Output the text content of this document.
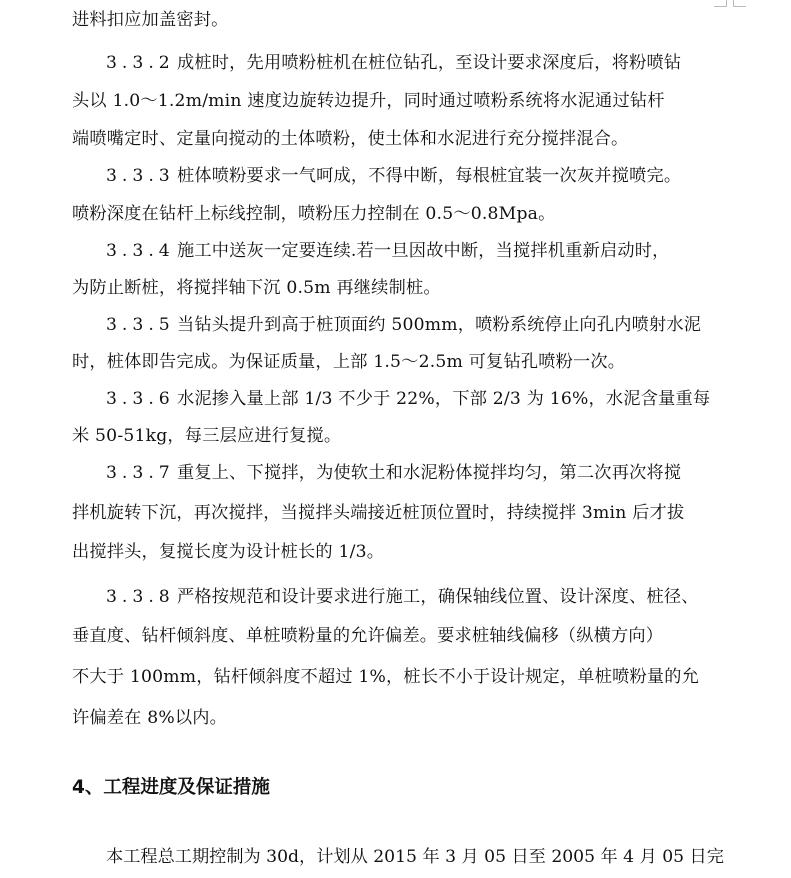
进料扣应加盖密封。
3.3.2 成桩时，先用喷粉桩机在桩位钻孔，至设计要求深度后，将粉喷钻
头以 1.0～1.2m/min 速度边旋转边提升，同时通过喷粉系统将水泥通过钻杆
端喷嘴定时、定量向搅动的土体喷粉，使土体和水泥进行充分搅拌混合。
3.3.3 桩体喷粉要求一气呵成，不得中断，每根桩宜装一次灰并搅喷完。
喷粉深度在钻杆上标线控制，喷粉压力控制在 0.5～0.8Mpa。
3.3.4 施工中送灰一定要连续.若一旦因故中断，当搅拌机重新启动时，
为防止断桩，将搅拌轴下沉 0.5m 再继续制桩。
3.3.5 当钻头提升到高于桩顶面约 500mm，喷粉系统停止向孔内喷射水泥
时，桩体即告完成。为保证质量，上部 1.5～2.5m 可复钻孔喷粉一次。
3.3.6 水泥掺入量上部 1/3 不少于 22%，下部 2/3 为 16%，水泥含量重每
米 50-51kg，每三层应进行复搅。
3.3.7 重复上、下搅拌，为使软土和水泥粉体搅拌均匀，第二次再次将搅
拌机旋转下沉，再次搅拌，当搅拌头端接近桩顶位置时，持续搅拌 3min 后才拔
出搅拌头，复搅长度为设计桩长的 1/3。
3.3.8 严格按规范和设计要求进行施工，确保轴线位置、设计深度、桩径、
垂直度、钻杆倾斜度、单桩喷粉量的允许偏差。要求桩轴线偏移（纵横方向）
不大于 100mm，钻杆倾斜度不超过 1%，桩长不小于设计规定，单桩喷粉量的允
许偏差在 8%以内。
4、工程进度及保证措施
本工程总工期控制为 30d，计划从 2015 年 3 月 05 日至 2005 年 4 月 05 日完
